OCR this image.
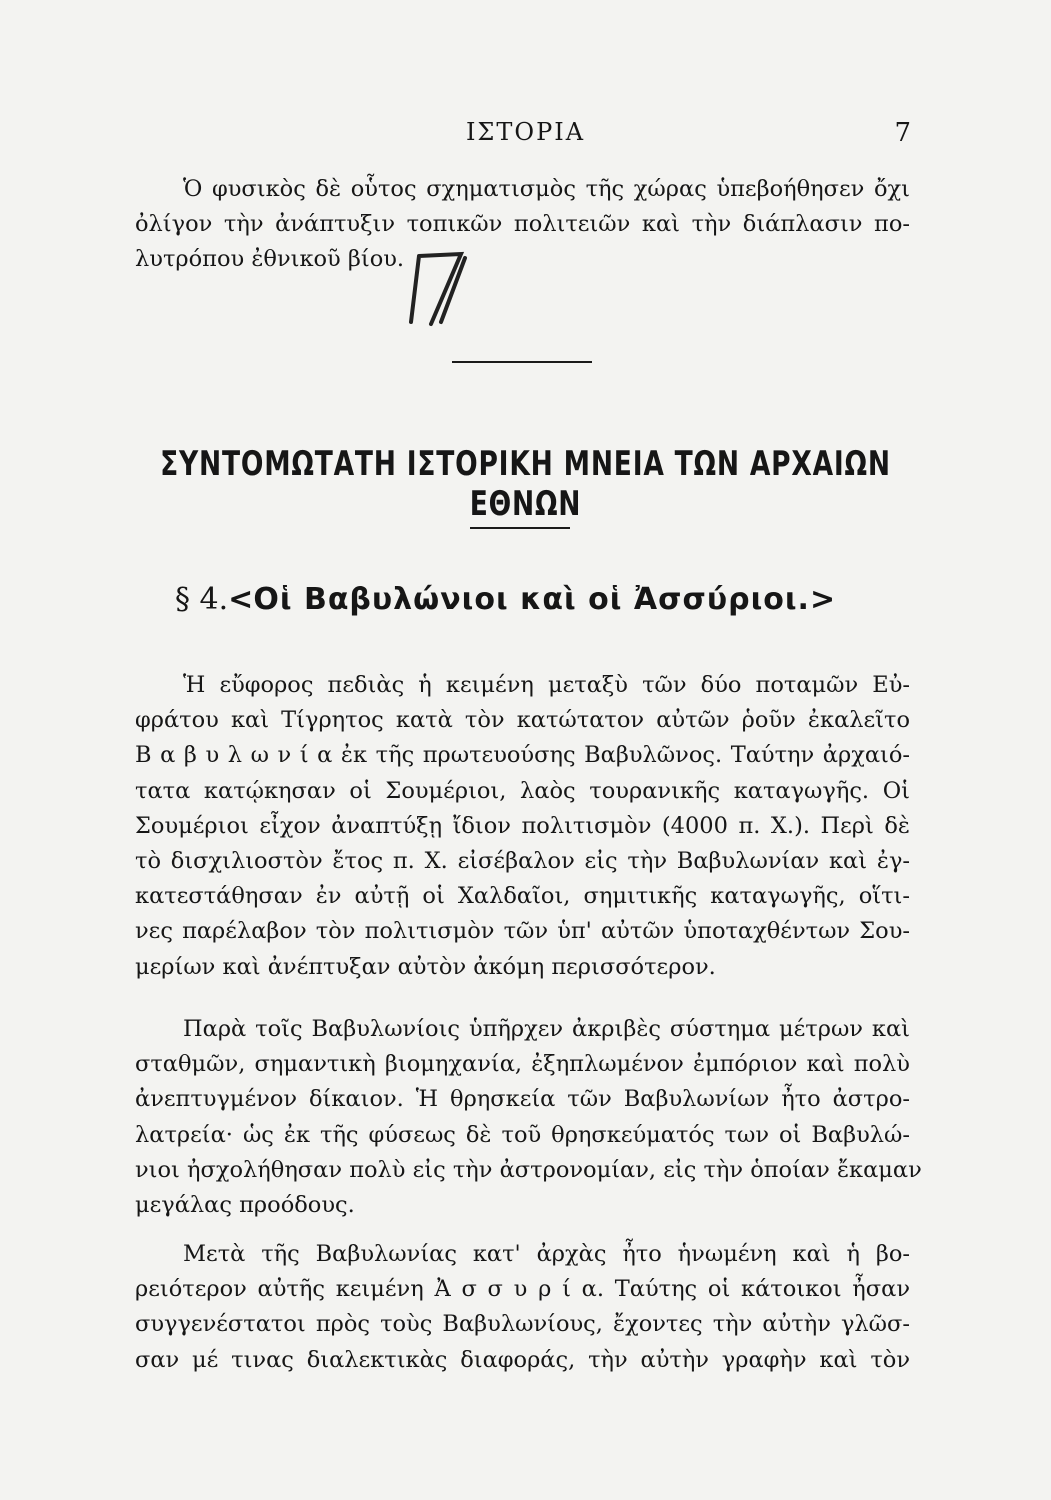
ΙΣΤΟΡΙΑ	7

Ὁ φυσικὸς δὲ οὗτος σχηματισμὸς τῆς χώρας ὑπεβοήθησεν ὄχι
ὀλίγον τὴν ἀνάπτυξιν τοπικῶν πολιτειῶν καὶ τὴν διάπλασιν πο-
λυτρόπου ἐθνικοῦ βίου.

ΣΥΝΤΟΜΩΤΑΤΗ ΙΣΤΟΡΙΚΗ ΜΝΕΙΑ ΤΩΝ ΑΡΧΑΙΩΝ ΕΘΝΩΝ
§ 4.<Οἱ Βαβυλώνιοι καὶ οἱ Ἀσσύριοι.>

Ἡ εὔφορος πεδιὰς ἡ κειμένη μεταξὺ τῶν δύο ποταμῶν Εὐ-
φράτου καὶ Τίγρητος κατὰ τὸν κατώτατον αὐτῶν ῥοῦν ἐκαλεῖτο
Β α β υ λ ω ν ί α ἐκ τῆς πρωτευούσης Βαβυλῶνος. Ταύτην ἀρχαιό-
τατα κατῴκησαν οἱ Σουμέριοι, λαὸς τουρανικῆς καταγωγῆς. Οἱ
Σουμέριοι εἶχον ἀναπτύξῃ ἴδιον πολιτισμὸν (4000 π. Χ.). Περὶ δὲ
τὸ δισχιλιοστὸν ἔτος π. Χ. εἰσέβαλον εἰς τὴν Βαβυλωνίαν καὶ ἐγ-
κατεστάθησαν ἐν αὐτῇ οἱ Χαλδαῖοι, σημιτικῆς καταγωγῆς, οἵτι-
νες παρέλαβον τὸν πολιτισμὸν τῶν ὑπ' αὐτῶν ὑποταχθέντων Σου-
μερίων καὶ ἀνέπτυξαν αὐτὸν ἀκόμη περισσότερον.

Παρὰ τοῖς Βαβυλωνίοις ὑπῆρχεν ἀκριβὲς σύστημα μέτρων καὶ
σταθμῶν, σημαντικὴ βιομηχανία, ἐξηπλωμένον ἐμπόριον καὶ πολὺ
ἀνεπτυγμένον δίκαιον. Ἡ θρησκεία τῶν Βαβυλωνίων ἦτο ἀστρο-
λατρεία· ὡς ἐκ τῆς φύσεως δὲ τοῦ θρησκεύματός των οἱ Βαβυλώ-
νιοι ἠσχολήθησαν πολὺ εἰς τὴν ἀστρονομίαν, εἰς τὴν ὁποίαν ἔκαμαν
μεγάλας προόδους.

Μετὰ τῆς Βαβυλωνίας κατ' ἀρχὰς ἦτο ἡνωμένη καὶ ἡ βο-
ρειότερον αὐτῆς κειμένη Ἀ σ σ υ ρ ί α. Ταύτης οἱ κάτοικοι ἦσαν
συγγενέστατοι πρὸς τοὺς Βαβυλωνίους, ἔχοντες τὴν αὐτὴν γλῶσ-
σαν μέ τινας διαλεκτικὰς διαφοράς, τὴν αὐτὴν γραφὴν καὶ τὸν
